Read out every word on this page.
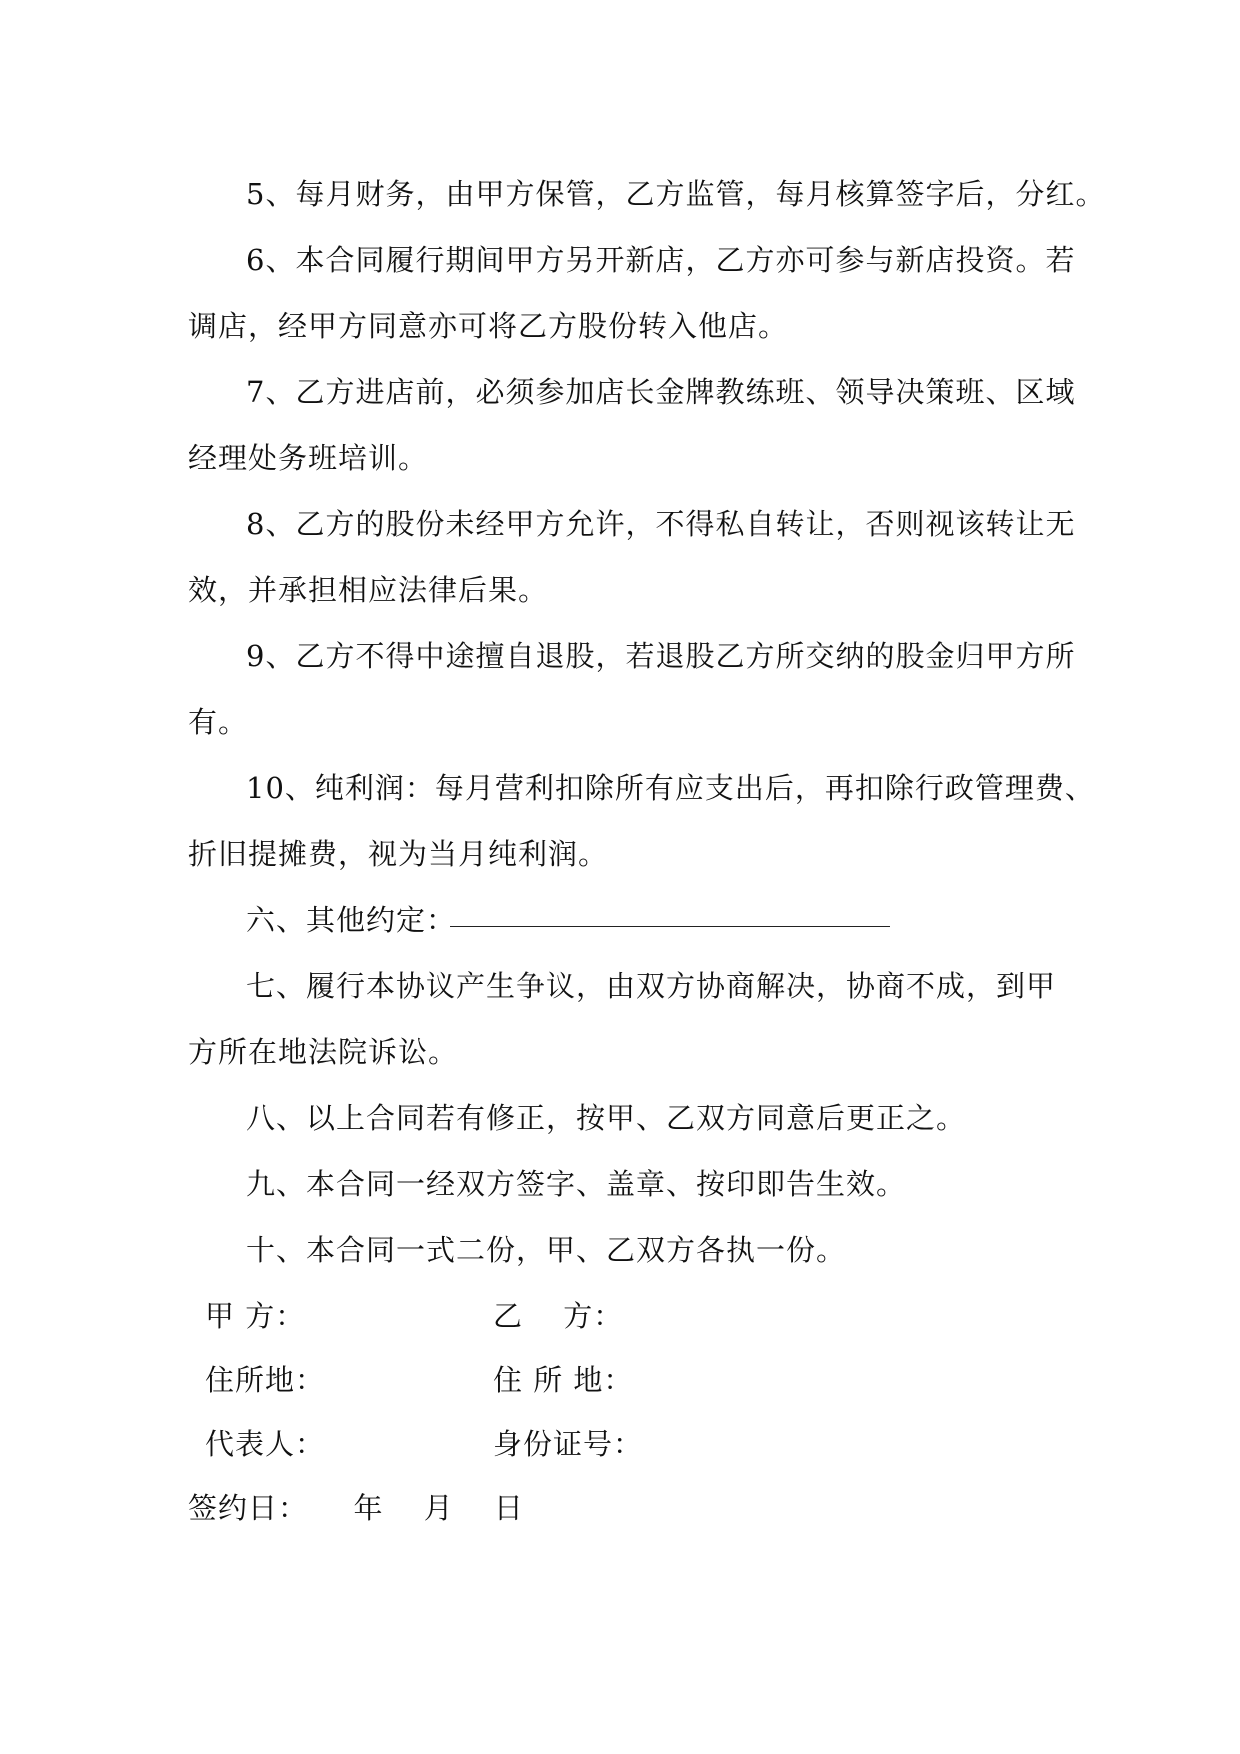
5、每月财务，由甲方保管，乙方监管，每月核算签字后，分红。
6、本合同履行期间甲方另开新店，乙方亦可参与新店投资。若
调店，经甲方同意亦可将乙方股份转入他店。
7、乙方进店前，必须参加店长金牌教练班、领导决策班、区域
经理处务班培训。
8、乙方的股份未经甲方允许，不得私自转让，否则视该转让无
效，并承担相应法律后果。
9、乙方不得中途擅自退股，若退股乙方所交纳的股金归甲方所
有。
10、纯利润：每月营利扣除所有应支出后，再扣除行政管理费、
折旧提摊费，视为当月纯利润。
六、其他约定：
七、履行本协议产生争议，由双方协商解决，协商不成，到甲
方所在地法院诉讼。
八、以上合同若有修正，按甲、乙双方同意后更正之。
九、本合同一经双方签字、盖章、按印即告生效。
十、本合同一式二份，甲、乙双方各执一份。
甲 方：	乙　 方：
住所地：	住 所 地：
代表人：	身份证号：
签约日：　　年　 月　 日
